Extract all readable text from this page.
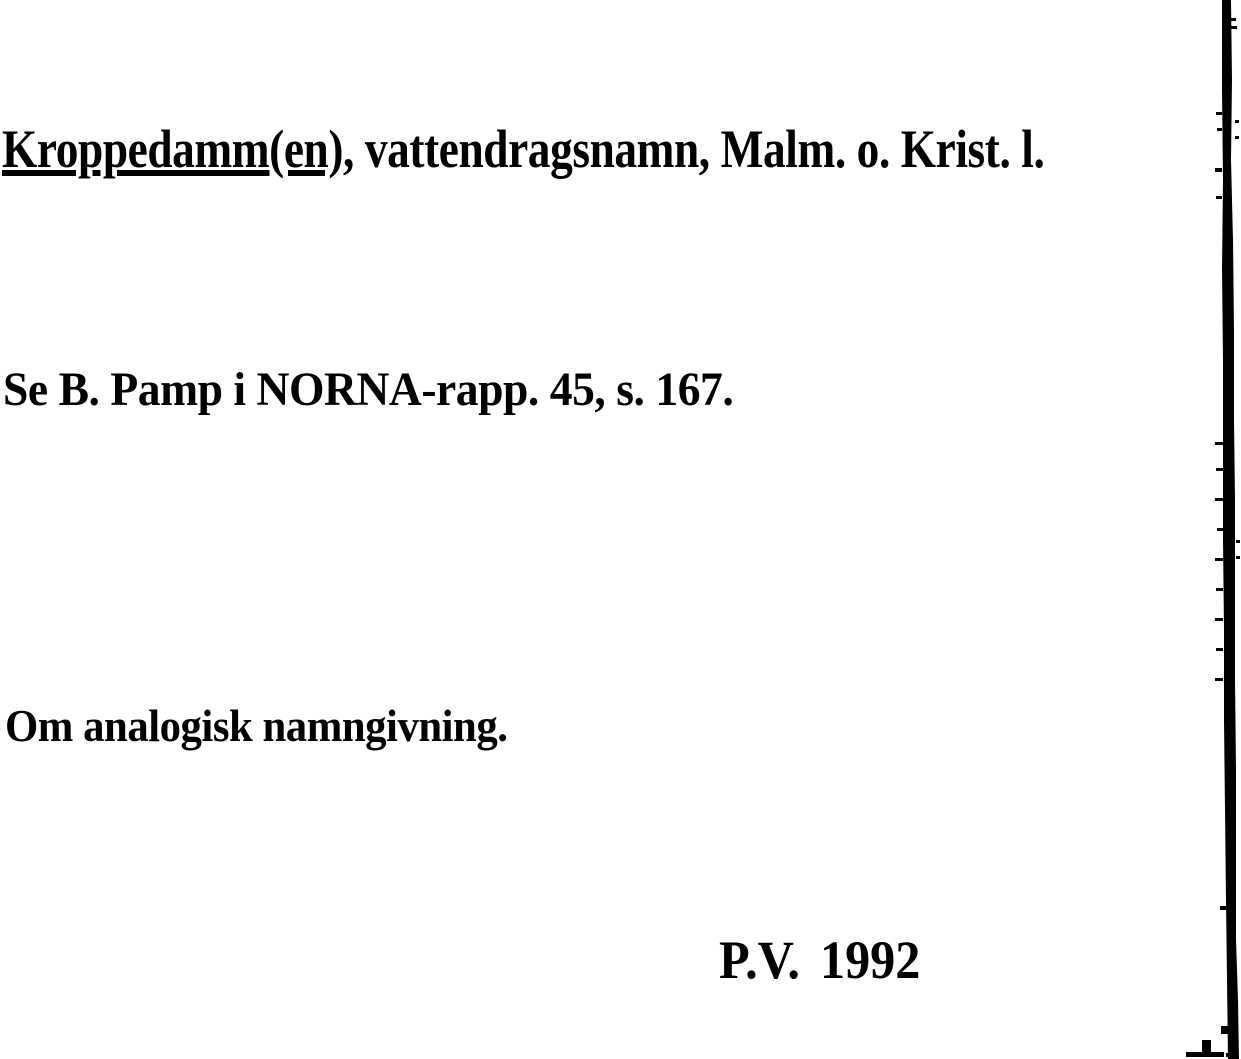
Kroppedamm(en), vattendragsnamn, Malm. o. Krist. l.
Se B. Pamp i NORNA-rapp. 45, s. 167.
Om analogisk namngivning.
P.V. 1992
